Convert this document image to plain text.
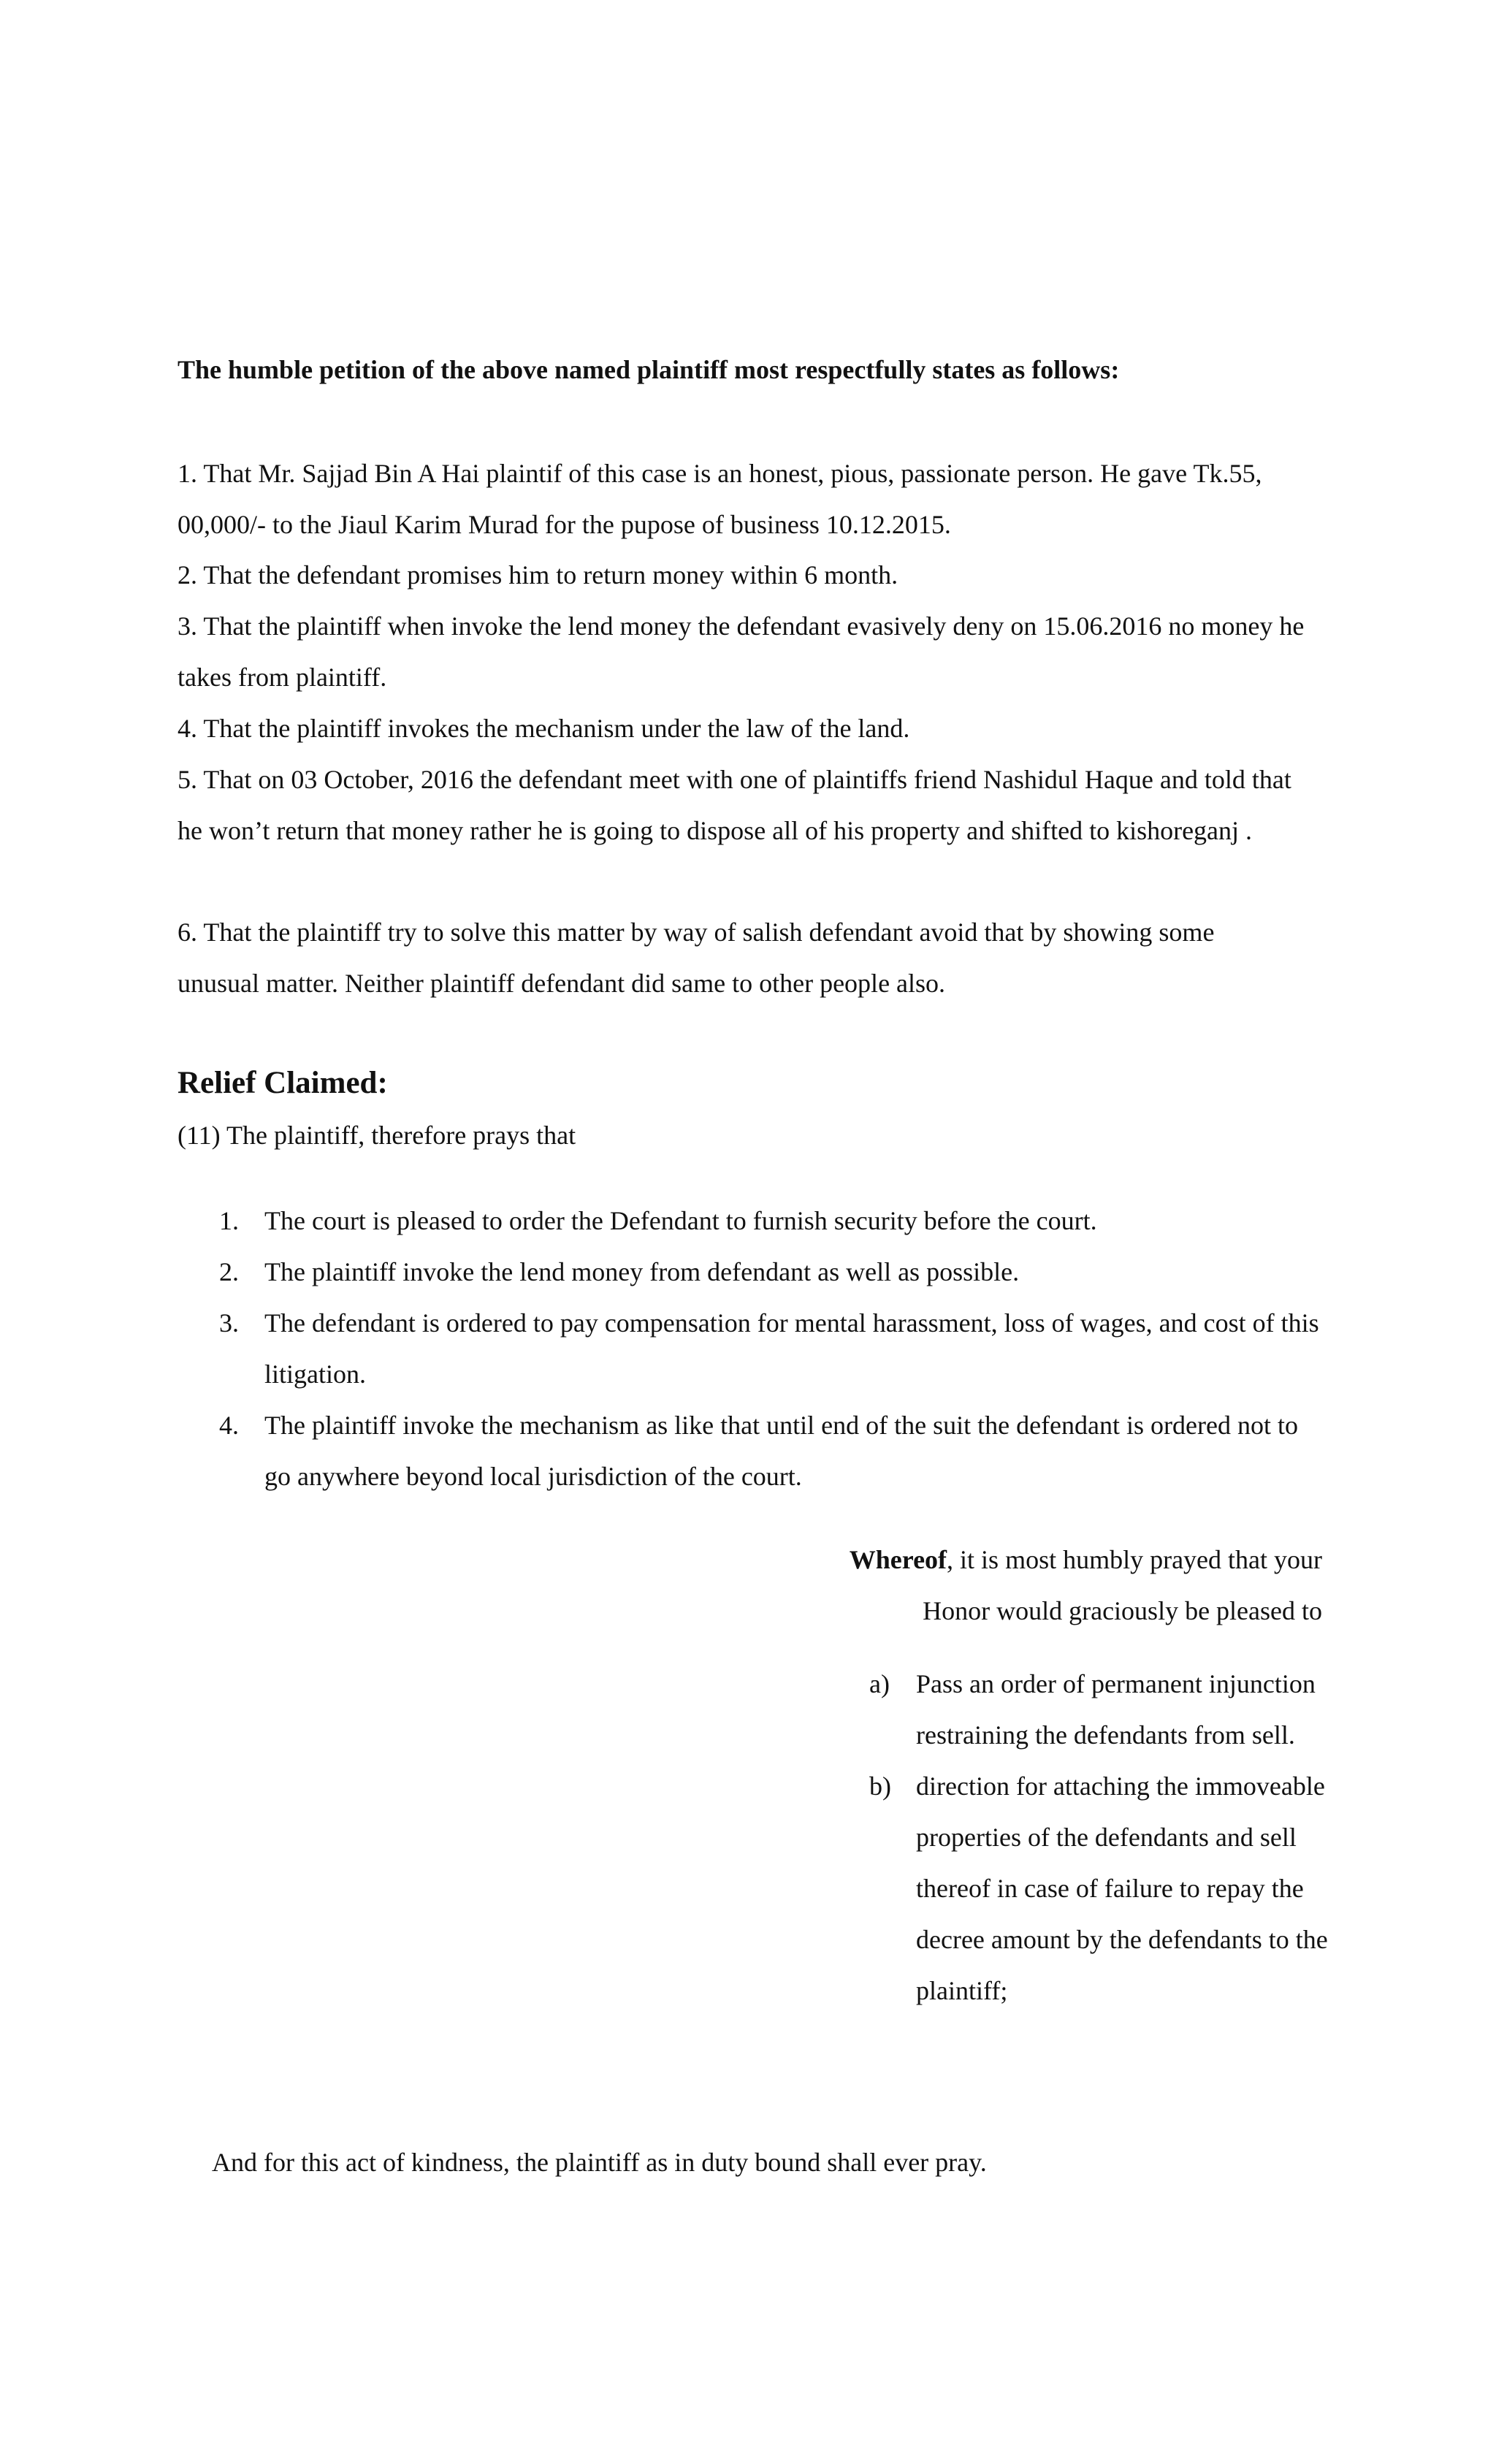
The humble petition of the above named plaintiff most respectfully states as follows:

1. That Mr. Sajjad Bin A Hai plaintif of this case is an honest, pious, passionate person. He gave Tk.55, 00,000/- to the Jiaul Karim Murad for the pupose of business 10.12.2015.

2. That the defendant promises him to return money within 6 month.

3. That the plaintiff when invoke the lend money the defendant evasively deny on 15.06.2016 no money he takes from plaintiff.

4. That the plaintiff invokes the mechanism under the law of the land.

5. That on 03 October, 2016 the defendant meet with one of plaintiffs friend Nashidul Haque and told that he won’t return that money rather he is going to dispose all of his property and shifted to kishoreganj .

6. That the plaintiff try to solve this matter by way of salish defendant avoid that by showing some unusual matter. Neither plaintiff defendant did same to other people also.

Relief Claimed:

(11) The plaintiff, therefore prays that

1. The court is pleased to order the Defendant to furnish security before the court.

2. The plaintiff invoke the lend money from defendant as well as possible.

3. The defendant is ordered to pay compensation for mental harassment, loss of wages, and cost of this litigation.

4. The plaintiff invoke the mechanism as like that until end of the suit the defendant is ordered not to go anywhere beyond local jurisdiction of the court.

Whereof, it is most humbly prayed that your Honor would graciously be pleased to

a) Pass an order of permanent injunction restraining the defendants from sell.

b) direction for attaching the immoveable properties of the defendants and sell thereof in case of failure to repay the decree amount by the defendants to the plaintiff;

And for this act of kindness, the plaintiff as in duty bound shall ever pray.
